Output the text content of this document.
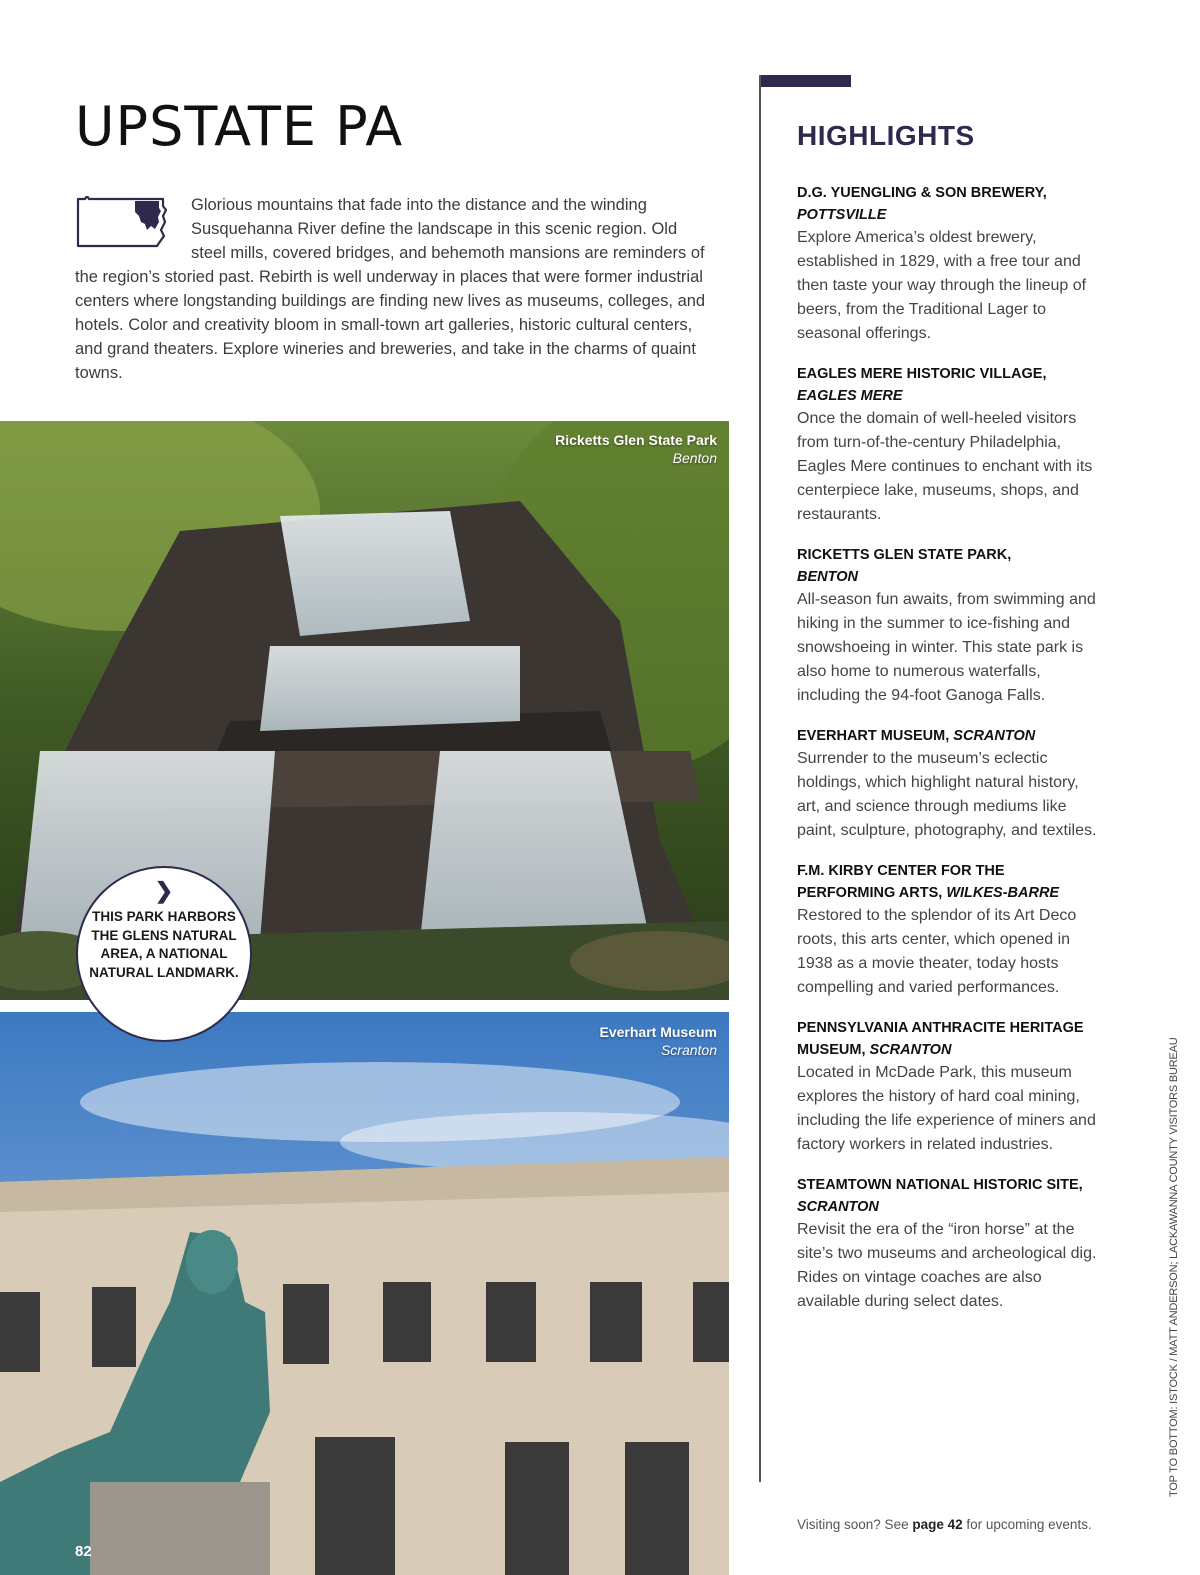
UPSTATE PA
Glorious mountains that fade into the distance and the winding Susquehanna River define the landscape in this scenic region. Old steel mills, covered bridges, and behemoth mansions are reminders of the region’s storied past. Rebirth is well underway in places that were former industrial centers where longstanding buildings are finding new lives as museums, colleges, and hotels. Color and creativity bloom in small-town art galleries, historic cultural centers, and grand theaters. Explore wineries and breweries, and take in the charms of quaint towns.
Ricketts Glen State Park
Benton
Everhart Museum
Scranton
❯
THIS PARK HARBORS THE GLENS NATURAL AREA, A NATIONAL NATURAL LANDMARK.
82
HIGHLIGHTS
D.G. YUENGLING & SON BREWERY,
POTTSVILLE
Explore America’s oldest brewery, established in 1829, with a free tour and then taste your way through the lineup of beers, from the Traditional Lager to seasonal offerings.
EAGLES MERE HISTORIC VILLAGE,
EAGLES MERE
Once the domain of well-heeled visitors from turn-of-the-century Philadelphia, Eagles Mere continues to enchant with its centerpiece lake, museums, shops, and restaurants.
RICKETTS GLEN STATE PARK,
BENTON
All-season fun awaits, from swimming and hiking in the summer to ice-fishing and snowshoeing in winter. This state park is also home to numerous waterfalls, including the 94-foot Ganoga Falls.
EVERHART MUSEUM, SCRANTON
Surrender to the museum’s eclectic holdings, which highlight natural history, art, and science through mediums like paint, sculpture, photography, and textiles.
F.M. KIRBY CENTER FOR THE PERFORMING ARTS, WILKES-BARRE
Restored to the splendor of its Art Deco roots, this arts center, which opened in 1938 as a movie theater, today hosts compelling and varied performances.
PENNSYLVANIA ANTHRACITE HERITAGE MUSEUM, SCRANTON
Located in McDade Park, this museum explores the history of hard coal mining, including the life experience of miners and factory workers in related industries.
STEAMTOWN NATIONAL HISTORIC SITE, SCRANTON
Revisit the era of the “iron horse” at the site’s two museums and archeological dig. Rides on vintage coaches are also available during select dates.
Visiting soon? See page 42 for upcoming events.
TOP TO BOTTOM: ISTOCK / MATT ANDERSON; LACKAWANNA COUNTY VISITORS BUREAU
